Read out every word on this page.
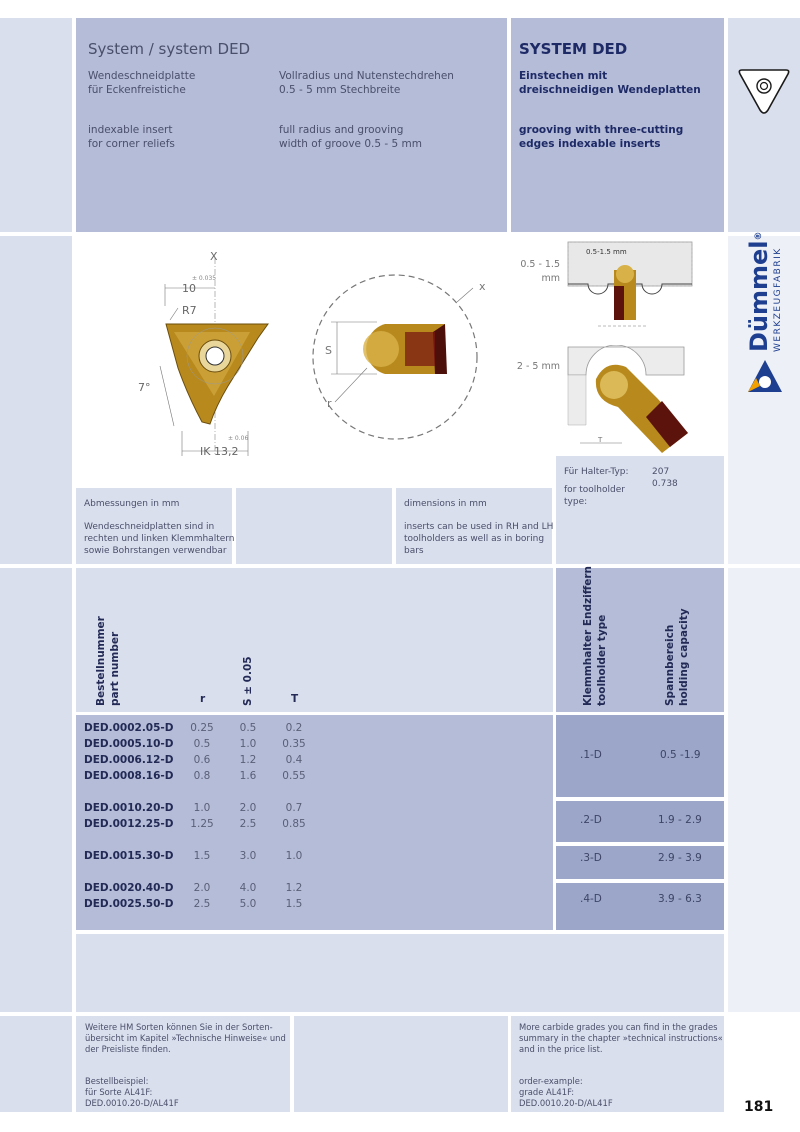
System / system DED	SYSTEM DED
Wendeschneidplatte
für Eckenfreistiche
Vollradius und Nutenstechdrehen
0.5 - 5 mm Stechbreite
Einstechen mit
dreischneidigen Wendeplatten
indexable insert
for corner reliefs
full radius and grooving
width of groove 0.5 - 5 mm
grooving with three-cutting
edges indexable inserts
X
± 0.035
10
R7
7°
± 0.06
IK 13,2
x
S
r
0.5 - 1.5
mm
2 - 5 mm
0.5-1.5 mm
T
Dümmel®
WERKZEUGFABRIK
Für Halter-Typ:
for toolholder
type:
207
0.738
Abmessungen in mm
Wendeschneidplatten sind in
rechten und linken Klemmhaltern
sowie Bohrstangen verwendbar
dimensions in mm
inserts can be used in RH and LH
toolholders as well as in boring
bars
Bestellnummer part number	r	S ± 0.05	T	Klemmhalter Endziffern toolholder type	Spannbereich holding capacity
DED.0002.05-D	0.25	0.5	0.2
DED.0005.10-D	0.5	1.0	0.35
DED.0006.12-D	0.6	1.2	0.4
DED.0008.16-D	0.8	1.6	0.55
DED.0010.20-D	1.0	2.0	0.7
DED.0012.25-D	1.25	2.5	0.85
DED.0015.30-D	1.5	3.0	1.0
DED.0020.40-D	2.0	4.0	1.2
DED.0025.50-D	2.5	5.0	1.5
.1-D	0.5 -1.9
.2-D	1.9 - 2.9
.3-D	2.9 - 3.9
.4-D	3.9 - 6.3
Weitere HM Sorten können Sie in der Sorten-
übersicht im Kapitel »Technische Hinweise« und
der Preisliste finden.
Bestellbeispiel:
für Sorte AL41F:
DED.0010.20-D/AL41F
More carbide grades you can find in the grades
summary in the chapter »technical instructions«
and in the price list.
order-example:
grade AL41F:
DED.0010.20-D/AL41F	181
